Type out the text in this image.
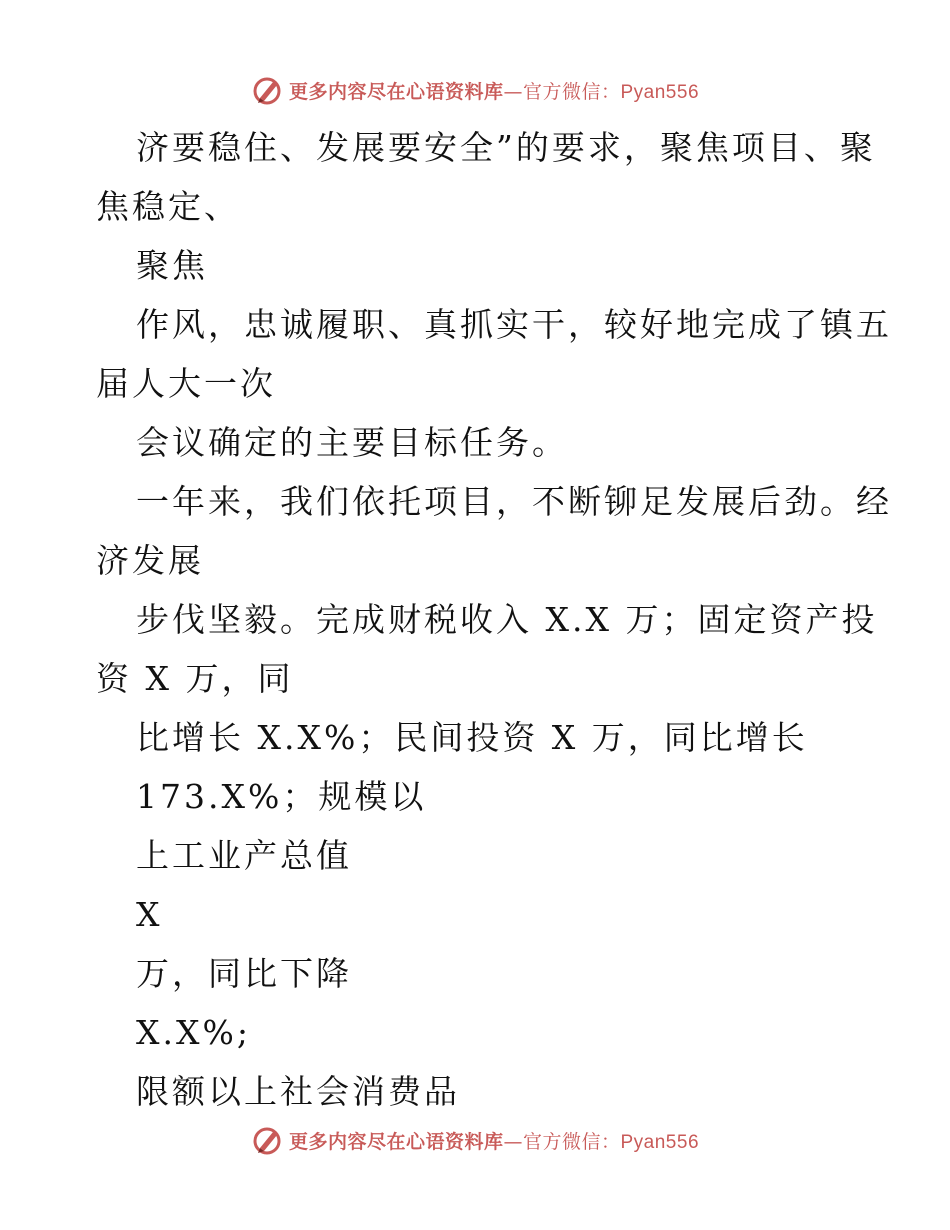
更多内容尽在心语资料库—官方微信：Pyan556
济要稳住、发展要安全”的要求，聚焦项目、聚
焦稳定、
聚焦
作风，忠诚履职、真抓实干，较好地完成了镇五
届人大一次
会议确定的主要目标任务。
一年来，我们依托项目，不断铆足发展后劲。经
济发展
步伐坚毅。完成财税收入 X.X 万；固定资产投
资 X 万，同
比增长 X.X%；民间投资 X 万，同比增长
173.X%；规模以
上工业产总值
X
万，同比下降
X.X%;
限额以上社会消费品
更多内容尽在心语资料库—官方微信：Pyan556
